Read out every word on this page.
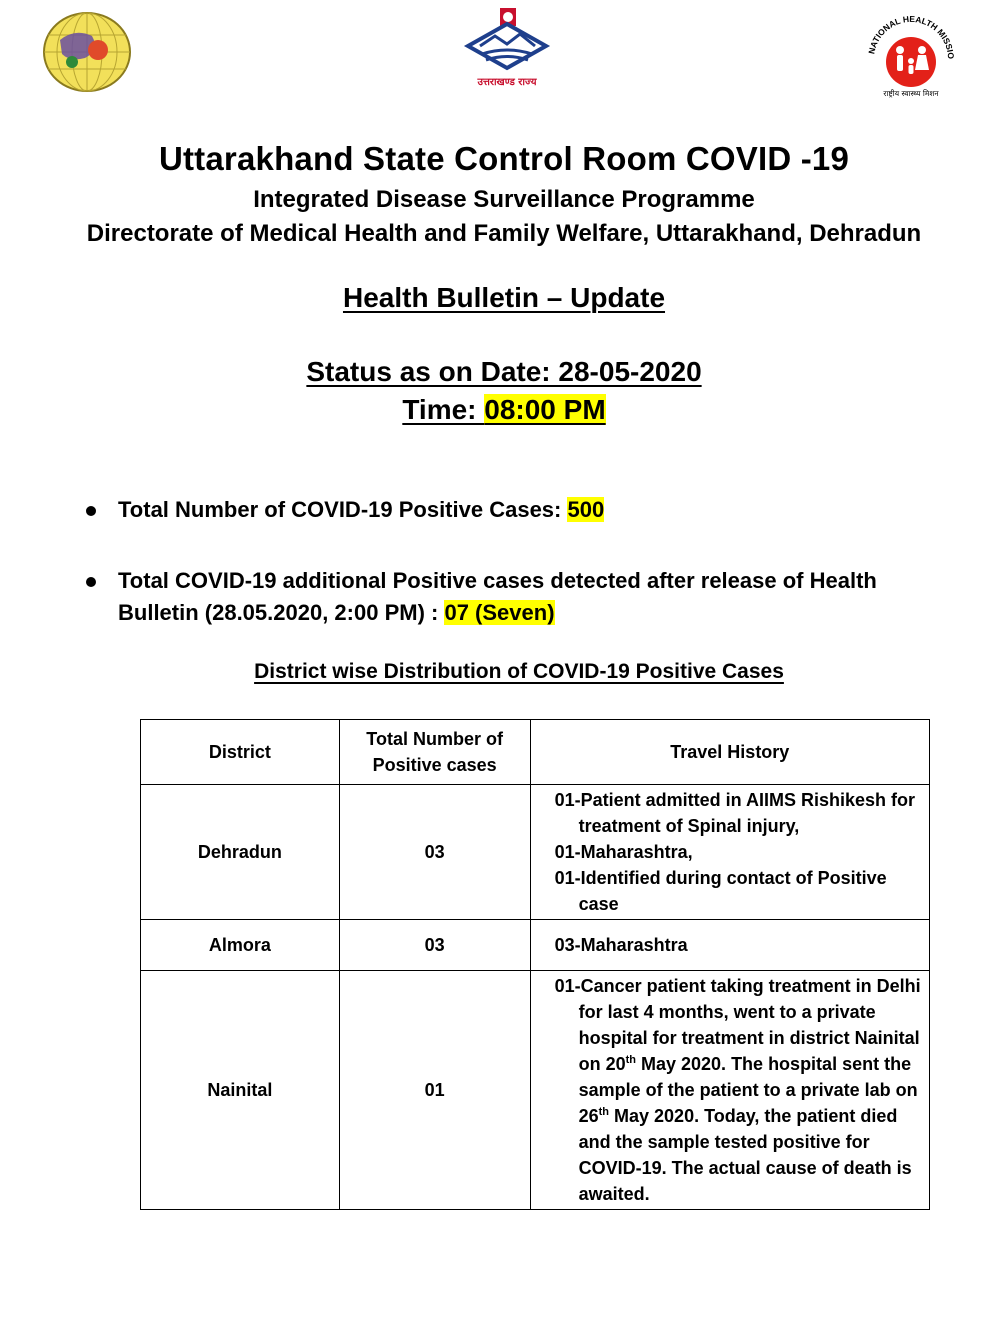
उत्तराखण्ड राज्य
NATIONAL HEALTH MISSIO
राष्ट्रीय स्वास्थ्य मिशन
Uttarakhand State Control Room COVID -19
Integrated Disease Surveillance Programme
Directorate of Medical Health and Family Welfare, Uttarakhand, Dehradun
Health Bulletin – Update
Status as on Date: 28-05-2020
Time: 08:00 PM
Total Number of COVID-19 Positive Cases: 500
Total COVID-19 additional Positive cases detected after release of Health Bulletin (28.05.2020, 2:00 PM) : 07 (Seven)
District wise Distribution of COVID-19 Positive Cases
District	Total Number of Positive cases	Travel History
Dehradun	03	01-Patient admitted in AIIMS Rishikesh for treatment of Spinal injury,
01-Maharashtra,
01-Identified during contact of Positive case

Almora	03	03-Maharashtra

Nainital	01	01-Cancer patient taking treatment in Delhi for last 4 months, went to a private hospital for treatment in district Nainital on 20th May 2020. The hospital sent the sample of the patient to a private lab on 26th May 2020. Today, the patient died and the sample tested positive for COVID-19. The actual cause of death is awaited.
